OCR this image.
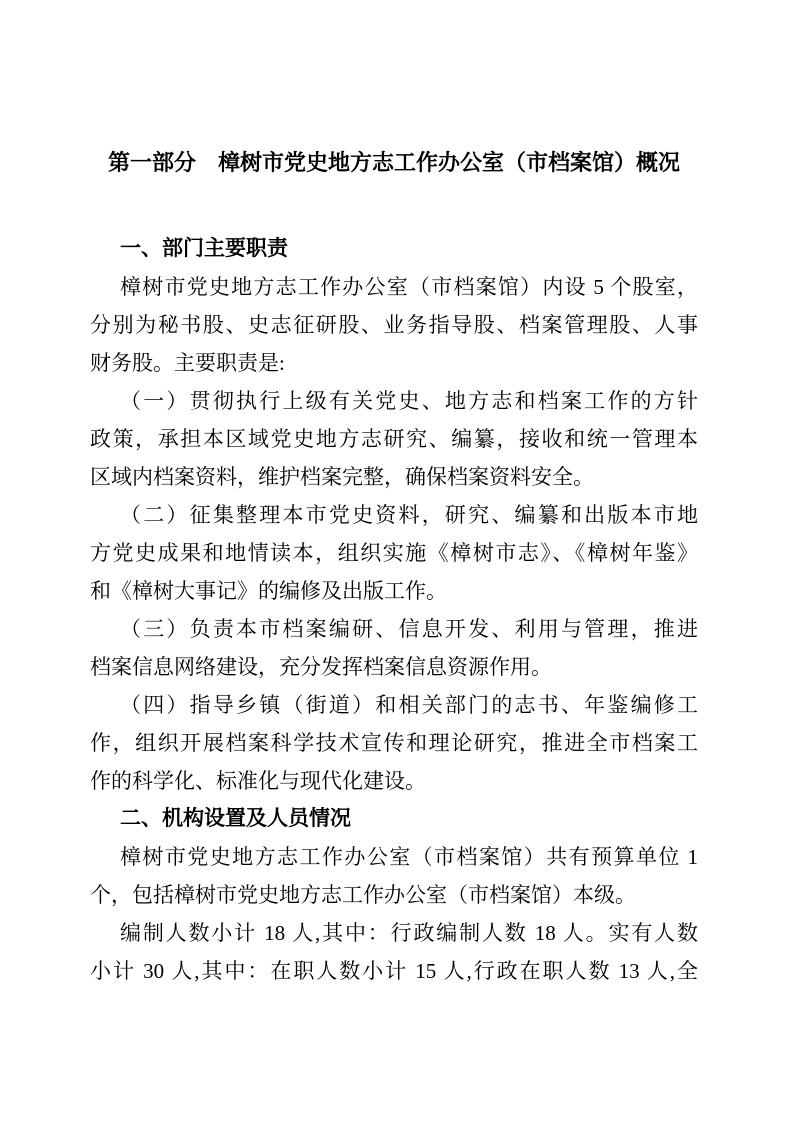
第一部分　樟树市党史地方志工作办公室（市档案馆）概况
一、部门主要职责
樟树市党史地方志工作办公室（市档案馆）内设 5 个股室，
分别为秘书股、史志征研股、业务指导股、档案管理股、人事
财务股。主要职责是:
（一）贯彻执行上级有关党史、地方志和档案工作的方针
政策，承担本区域党史地方志研究、编纂，接收和统一管理本
区域内档案资料，维护档案完整，确保档案资料安全。
（二）征集整理本市党史资料，研究、编纂和出版本市地
方党史成果和地情读本，组织实施《樟树市志》、《樟树年鉴》
和《樟树大事记》的编修及出版工作。
（三）负责本市档案编研、信息开发、利用与管理，推进
档案信息网络建设，充分发挥档案信息资源作用。
（四）指导乡镇（街道）和相关部门的志书、年鉴编修工
作，组织开展档案科学技术宣传和理论研究，推进全市档案工
作的科学化、标准化与现代化建设。
二、机构设置及人员情况
樟树市党史地方志工作办公室（市档案馆）共有预算单位 1
个，包括樟树市党史地方志工作办公室（市档案馆）本级。
编制人数小计 18 人,其中：行政编制人数 18 人。实有人数
小计 30 人,其中：在职人数小计 15 人,行政在职人数 13 人,全
